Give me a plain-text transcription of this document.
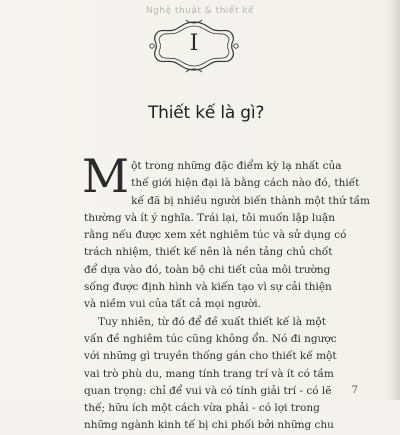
Nghệ thuật & thiết kế
I
Thiết kế là gì?

M ột trong những đặc điểm kỳ lạ nhất của
thế giới hiện đại là bằng cách nào đó, thiết
kế đã bị nhiều người biến thành một thứ tầm
thường và ít ý nghĩa. Trái lại, tôi muốn lập luận
rằng nếu được xem xét nghiêm túc và sử dụng có
trách nhiệm, thiết kế nên là nền tảng chủ chốt
để dựa vào đó, toàn bộ chi tiết của môi trường
sống được định hình và kiến tạo vì sự cải thiện
và niềm vui của tất cả mọi người.

Tuy nhiên, từ đó để đề xuất thiết kế là một
vấn đề nghiêm túc cũng không ổn. Nó đi ngược
với những gì truyền thống gán cho thiết kế một
vai trò phù du, mang tính trang trí và ít có tầm
quan trọng: chỉ để vui và có tính giải trí - có lẽ
thế; hữu ích một cách vừa phải - có lợi trong
những ngành kinh tế bị chi phối bởi những chu

7
